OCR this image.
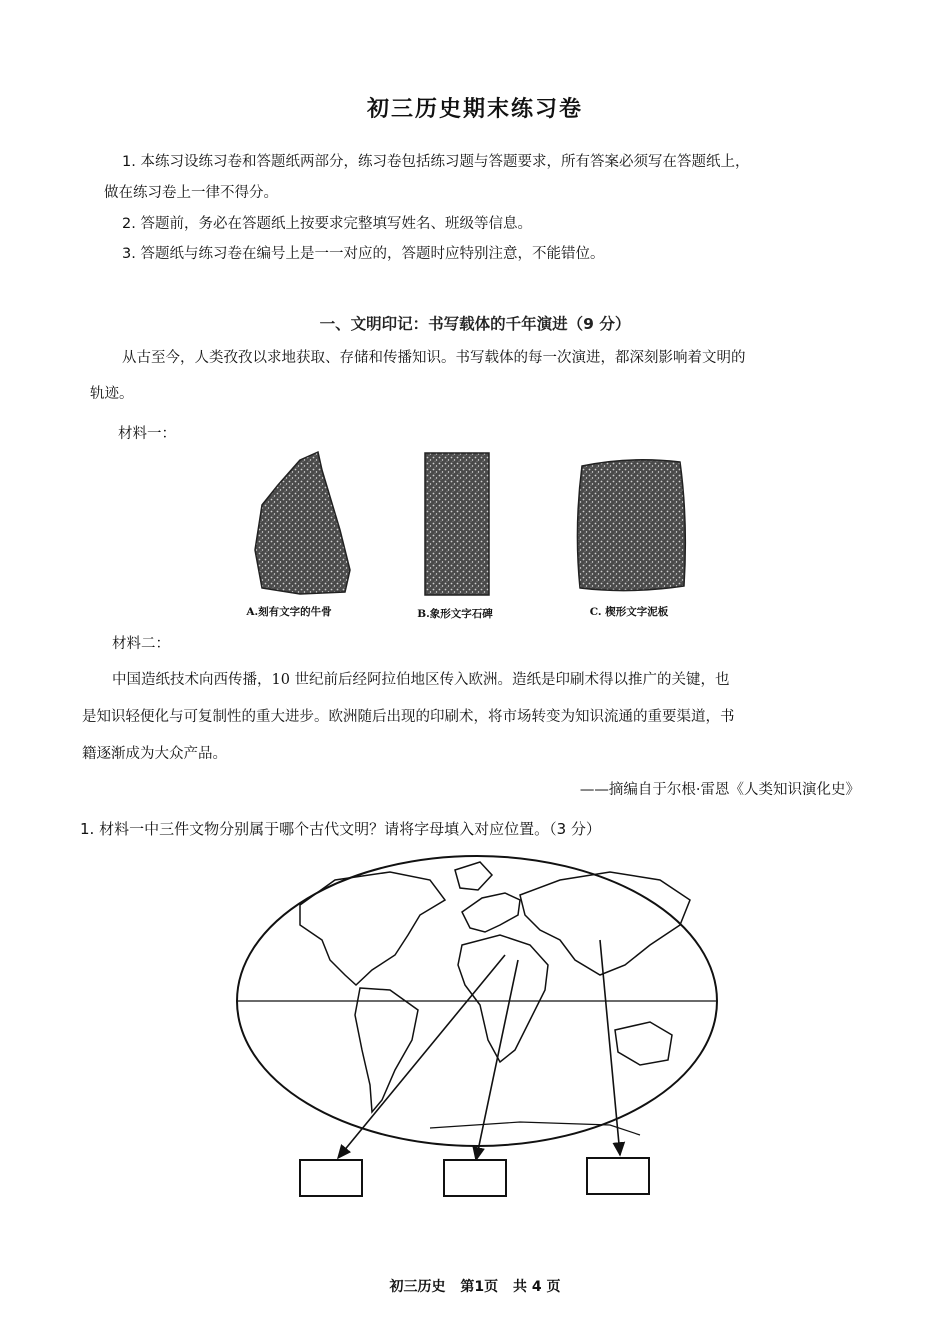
初三历史期末练习卷
1. 本练习设练习卷和答题纸两部分，练习卷包括练习题与答题要求，所有答案必须写在答题纸上，
做在练习卷上一律不得分。
2. 答题前，务必在答题纸上按要求完整填写姓名、班级等信息。
3. 答题纸与练习卷在编号上是一一对应的，答题时应特别注意，不能错位。
一、文明印记：书写载体的千年演进（9 分）
从古至今，人类孜孜以求地获取、存储和传播知识。书写载体的每一次演进，都深刻影响着文明的
轨迹。
材料一：
A.刻有文字的牛骨	B.象形文字石碑	C. 楔形文字泥板
材料二：
中国造纸技术向西传播，10 世纪前后经阿拉伯地区传入欧洲。造纸是印刷术得以推广的关键，也
是知识轻便化与可复制性的重大进步。欧洲随后出现的印刷术，将市场转变为知识流通的重要渠道，书
籍逐渐成为大众产品。
——摘编自于尔根·雷恩《人类知识演化史》
1. 材料一中三件文物分别属于哪个古代文明？请将字母填入对应位置。（3 分）
初三历史 第1页 共 4 页
